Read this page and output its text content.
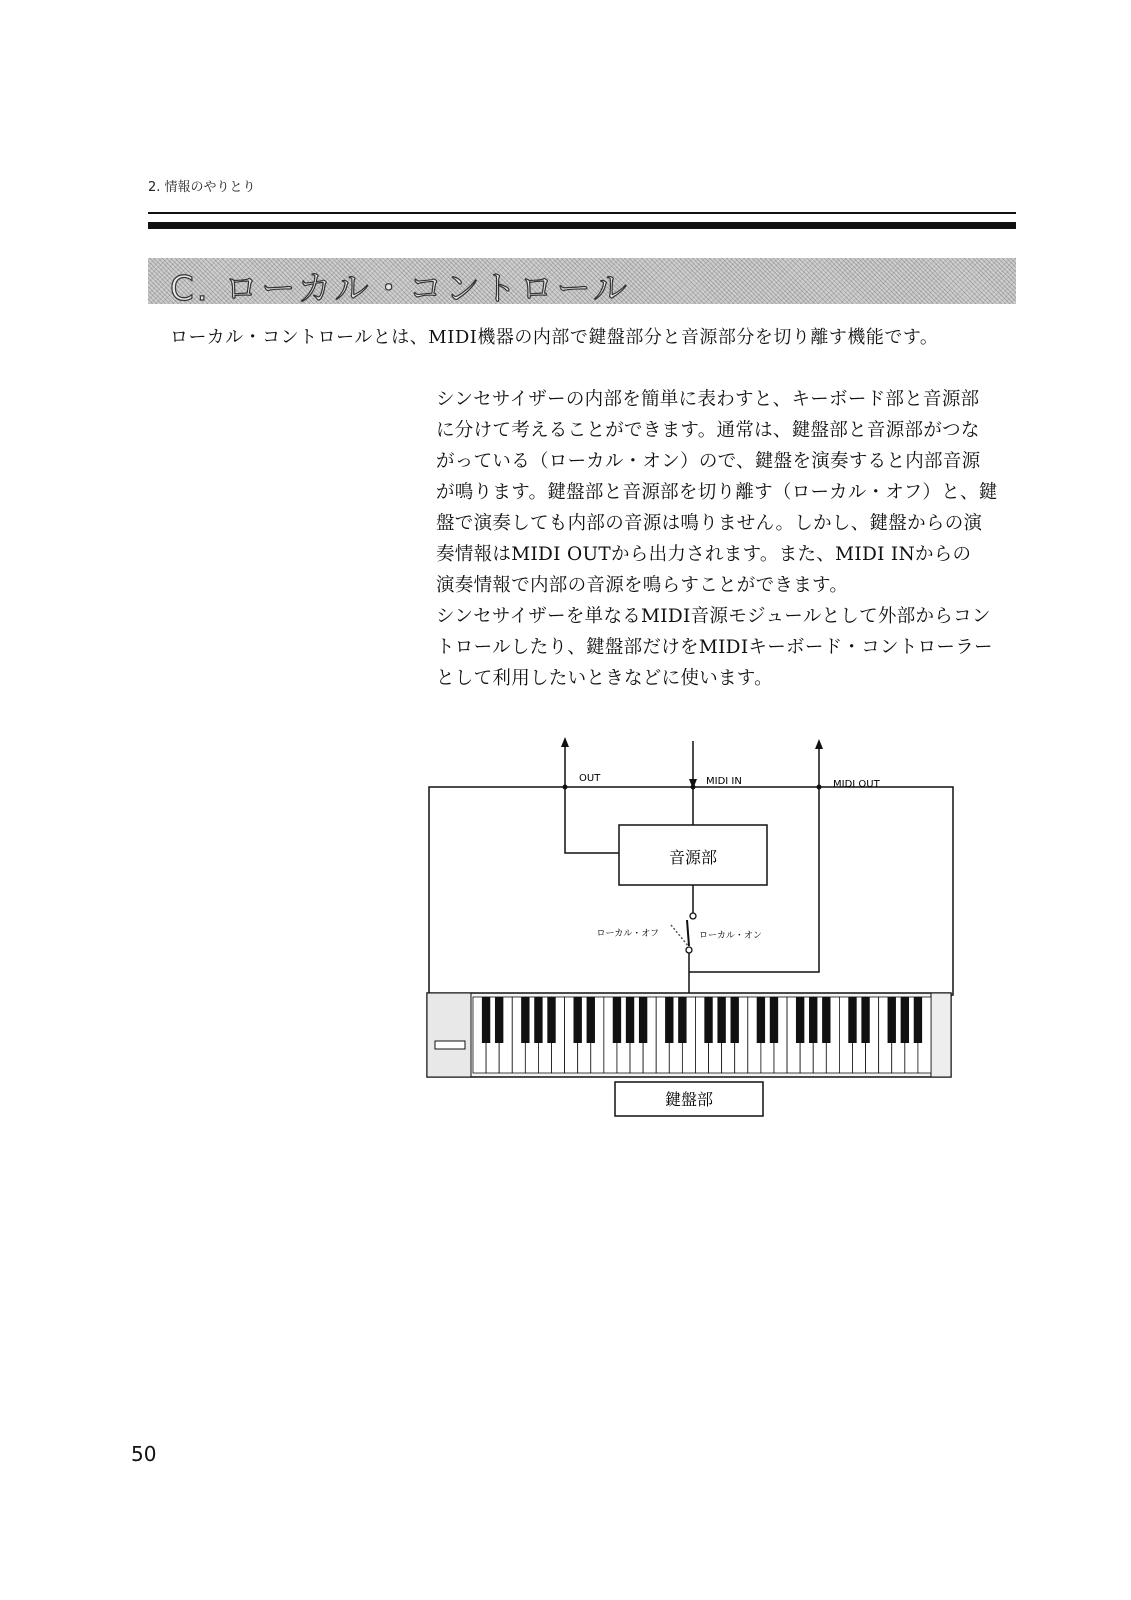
2. 情報のやりとり
C. ローカル・コントロール
ローカル・コントロールとは、MIDI機器の内部で鍵盤部分と音源部分を切り離す機能です。
シンセサイザーの内部を簡単に表わすと、キーボード部と音源部
に分けて考えることができます。通常は、鍵盤部と音源部がつな
がっている（ローカル・オン）ので、鍵盤を演奏すると内部音源
が鳴ります。鍵盤部と音源部を切り離す（ローカル・オフ）と、鍵
盤で演奏しても内部の音源は鳴りません。しかし、鍵盤からの演
奏情報はMIDI OUTから出力されます。また、MIDI INからの
演奏情報で内部の音源を鳴らすことができます。
シンセサイザーを単なるMIDI音源モジュールとして外部からコン
トロールしたり、鍵盤部だけをMIDIキーボード・コントローラー
として利用したいときなどに使います。
OUT	MIDI IN
音源部
ローカル・オフ	ローカル・オン
MIDI OUT
鍵盤部
50
